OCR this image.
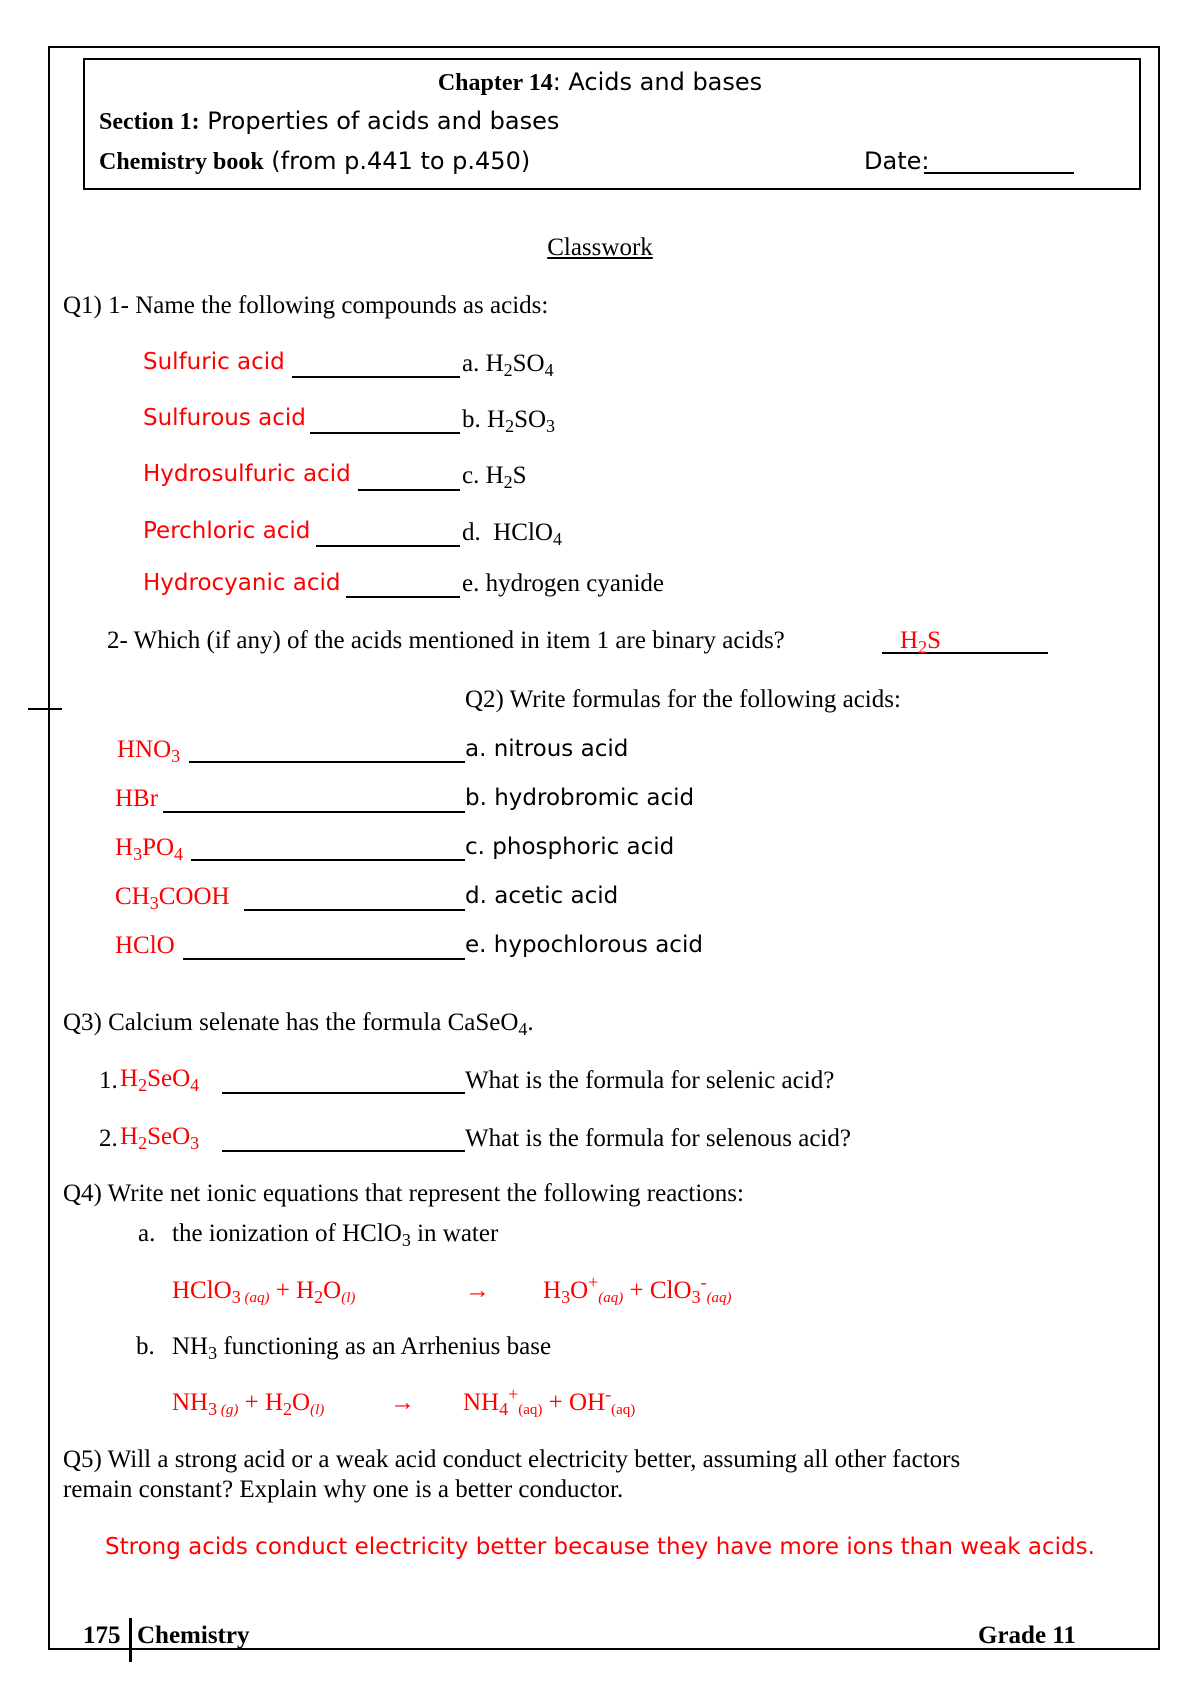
Chapter 14: Acids and bases
Section 1: Properties of acids and bases
Chemistry book (from p.441 to p.450)	Date:
Classwork
Q1) 1- Name the following compounds as acids:
Sulfuric acid	a. $H_2SO_4$
Sulfurous acid	b. $H_2SO_3$
Hydrosulfuric acid	c. $H_2S$
Perchloric acid	d.  HClO$_4$
Hydrocyanic acid	e. hydrogen cyanide
2- Which (if any) of the acids mentioned in item 1 are binary acids?	$H_2S$
Q2) Write formulas for the following acids:
$HNO_3$	a. nitrous acid
HBr	b. hydrobromic acid
$H_3PO_4$	c. phosphoric acid
$CH_3COOH$	d. acetic acid
HClO	e. hypochlorous acid
Q3) Calcium selenate has the formula CaSeO$_4$.
1. $H_2SeO_4$	What is the formula for selenic acid?
2. $H_2SeO_3$	What is the formula for selenous acid?
Q4) Write net ionic equations that represent the following reactions:
a. the ionization of HClO$_3$ in water
HClO$_3$ $_{(aq)} + H_2O_{(l)}$	→ $H_3O^+_{(aq)} + ClO_3^-_{(aq)}$
b. $NH_3$ functioning as an Arrhenius base
$NH_3$ $_{(g)} + H_2O_{(l)}$	→ $NH_4^+_{(aq)} + OH^-_{(aq)}$
Q5) Will a strong acid or a weak acid conduct electricity better, assuming all other factors
remain constant? Explain why one is a better conductor.
Strong acids conduct electricity better because they have more ions than weak acids.
175 Chemistry	Grade 11
